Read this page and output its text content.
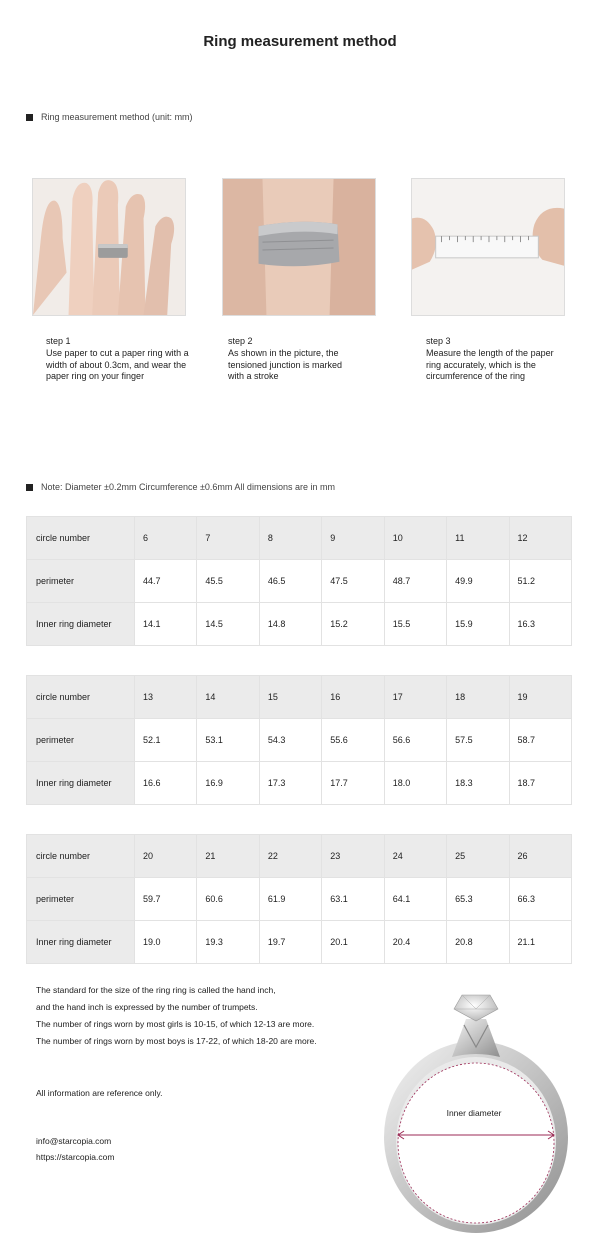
Ring measurement method
Ring measurement method (unit: mm)
step 1
Use paper to cut a paper ring with a width of about 0.3cm, and wear the paper ring on your finger
step 2
As shown in the picture, the tensioned junction is marked with a stroke
step 3
Measure the length of the paper ring accurately, which is the circumference of the ring
Note: Diameter ±0.2mm Circumference ±0.6mm All dimensions are in mm
circle number	6	7	8	9	10	11	12
perimeter	44.7	45.5	46.5	47.5	48.7	49.9	51.2
Inner ring diameter	14.1	14.5	14.8	15.2	15.5	15.9	16.3
circle number	13	14	15	16	17	18	19
perimeter	52.1	53.1	54.3	55.6	56.6	57.5	58.7
Inner ring diameter	16.6	16.9	17.3	17.7	18.0	18.3	18.7
circle number	20	21	22	23	24	25	26
perimeter	59.7	60.6	61.9	63.1	64.1	65.3	66.3
Inner ring diameter	19.0	19.3	19.7	20.1	20.4	20.8	21.1
The standard for the size of the ring ring is called the hand inch,
and the hand inch is expressed by the number of trumpets.
The number of rings worn by most girls is 10-15, of which 12-13 are more.
The number of rings worn by most boys is 17-22, of which 18-20 are more.
All information are reference only.
info@starcopia.com
https://starcopia.com
Inner diameter
